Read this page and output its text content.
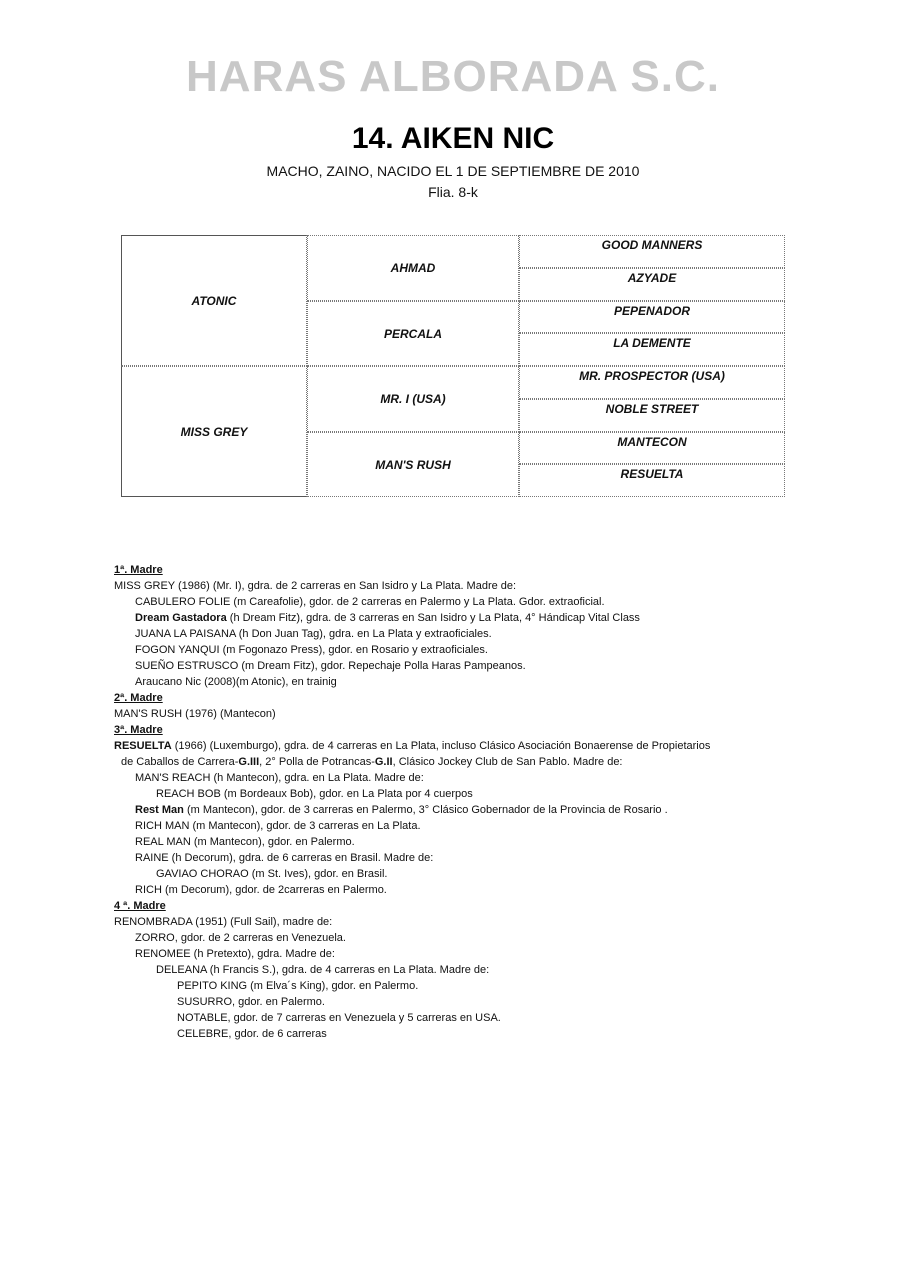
HARAS ALBORADA S.C.
14. AIKEN NIC
MACHO, ZAINO, NACIDO EL 1 DE SEPTIEMBRE DE 2010
Flia. 8-k
ATONIC
MISS GREY
AHMAD
PERCALA
MR. I (USA)
MAN'S RUSH
GOOD MANNERS
AZYADE
PEPENADOR
LA DEMENTE
MR. PROSPECTOR (USA)
NOBLE STREET
MANTECON
RESUELTA
1ª. Madre
MISS GREY (1986) (Mr. I), gdra. de 2 carreras en San Isidro y La Plata. Madre de:
CABULERO FOLIE (m Careafolie), gdor. de 2 carreras en Palermo y La Plata. Gdor. extraoficial.
Dream Gastadora (h Dream Fitz), gdra. de 3 carreras en San Isidro y La Plata, 4° Hándicap Vital Class
JUANA LA PAISANA (h Don Juan Tag), gdra. en La Plata y extraoficiales.
FOGON YANQUI (m Fogonazo Press), gdor. en Rosario y extraoficiales.
SUEÑO ESTRUSCO (m Dream Fitz), gdor. Repechaje Polla Haras Pampeanos.
Araucano Nic (2008)(m Atonic), en trainig
2ª. Madre
MAN'S RUSH (1976) (Mantecon)
3ª. Madre
RESUELTA (1966) (Luxemburgo), gdra. de 4 carreras en La Plata, incluso Clásico Asociación Bonaerense de Propietarios
de Caballos de Carrera-G.III, 2° Polla de Potrancas-G.II, Clásico Jockey Club de San Pablo. Madre de:
MAN'S REACH (h Mantecon), gdra. en La Plata. Madre de:
REACH BOB (m Bordeaux Bob), gdor. en La Plata por 4 cuerpos
Rest Man (m Mantecon), gdor. de 3 carreras en Palermo, 3° Clásico Gobernador de la Provincia de Rosario .
RICH MAN (m Mantecon), gdor. de 3 carreras en La Plata.
REAL MAN (m Mantecon), gdor. en Palermo.
RAINE (h Decorum), gdra. de 6 carreras en Brasil. Madre de:
GAVIAO CHORAO (m St. Ives), gdor. en Brasil.
RICH (m Decorum), gdor. de 2carreras en Palermo.
4 ª. Madre
RENOMBRADA (1951) (Full Sail), madre de:
ZORRO, gdor. de 2 carreras en Venezuela.
RENOMEE (h Pretexto), gdra. Madre de:
DELEANA (h Francis S.), gdra. de 4 carreras en La Plata. Madre de:
PEPITO KING (m Elva´s King), gdor. en Palermo.
SUSURRO, gdor. en Palermo.
NOTABLE, gdor. de 7 carreras en Venezuela y 5 carreras en USA.
CELEBRE, gdor. de 6 carreras
